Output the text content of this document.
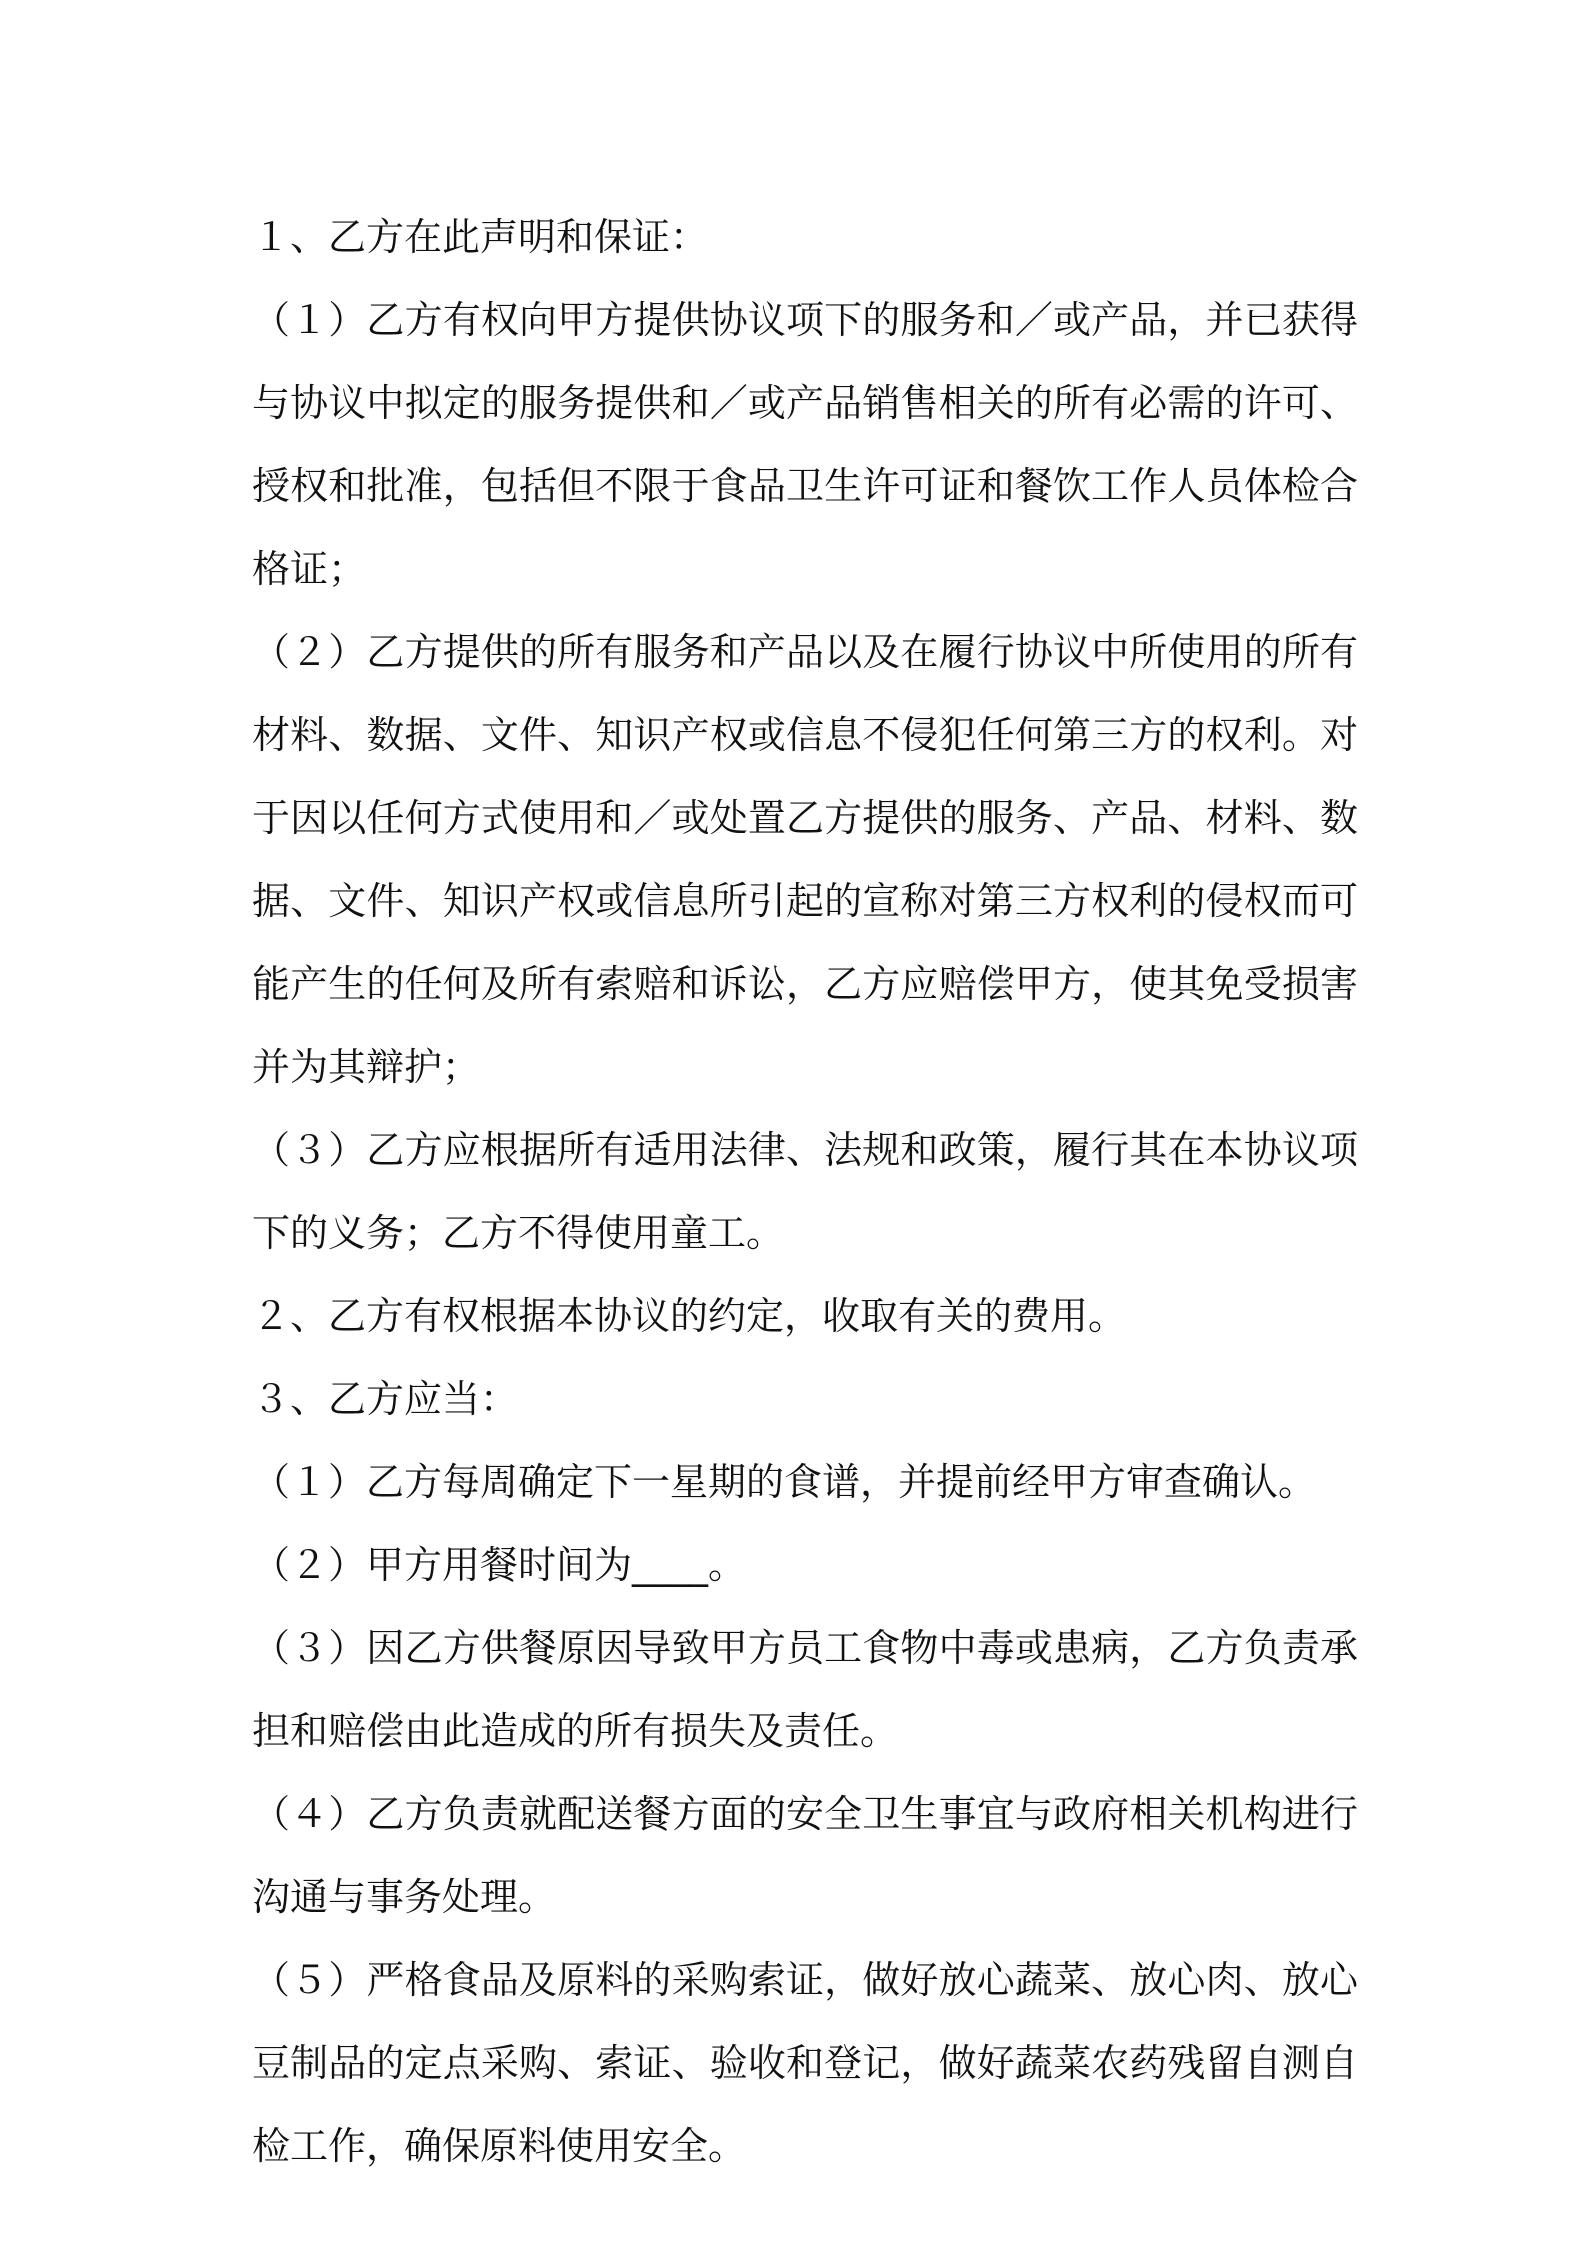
１、乙方在此声明和保证：

（１）乙方有权向甲方提供协议项下的服务和／或产品，并已获得与协议中拟定的服务提供和／或产品销售相关的所有必需的许可、授权和批准，包括但不限于食品卫生许可证和餐饮工作人员体检合格证；

（２）乙方提供的所有服务和产品以及在履行协议中所使用的所有材料、数据、文件、知识产权或信息不侵犯任何第三方的权利。对于因以任何方式使用和／或处置乙方提供的服务、产品、材料、数据、文件、知识产权或信息所引起的宣称对第三方权利的侵权而可能产生的任何及所有索赔和诉讼，乙方应赔偿甲方，使其免受损害并为其辩护；

（３）乙方应根据所有适用法律、法规和政策，履行其在本协议项下的义务；乙方不得使用童工。

２、乙方有权根据本协议的约定，收取有关的费用。

３、乙方应当：

（１）乙方每周确定下一星期的食谱，并提前经甲方审查确认。

（２）甲方用餐时间为____。

（３）因乙方供餐原因导致甲方员工食物中毒或患病，乙方负责承担和赔偿由此造成的所有损失及责任。

（４）乙方负责就配送餐方面的安全卫生事宜与政府相关机构进行沟通与事务处理。

（５）严格食品及原料的采购索证，做好放心蔬菜、放心肉、放心豆制品的定点采购、索证、验收和登记，做好蔬菜农药残留自测自检工作，确保原料使用安全。
